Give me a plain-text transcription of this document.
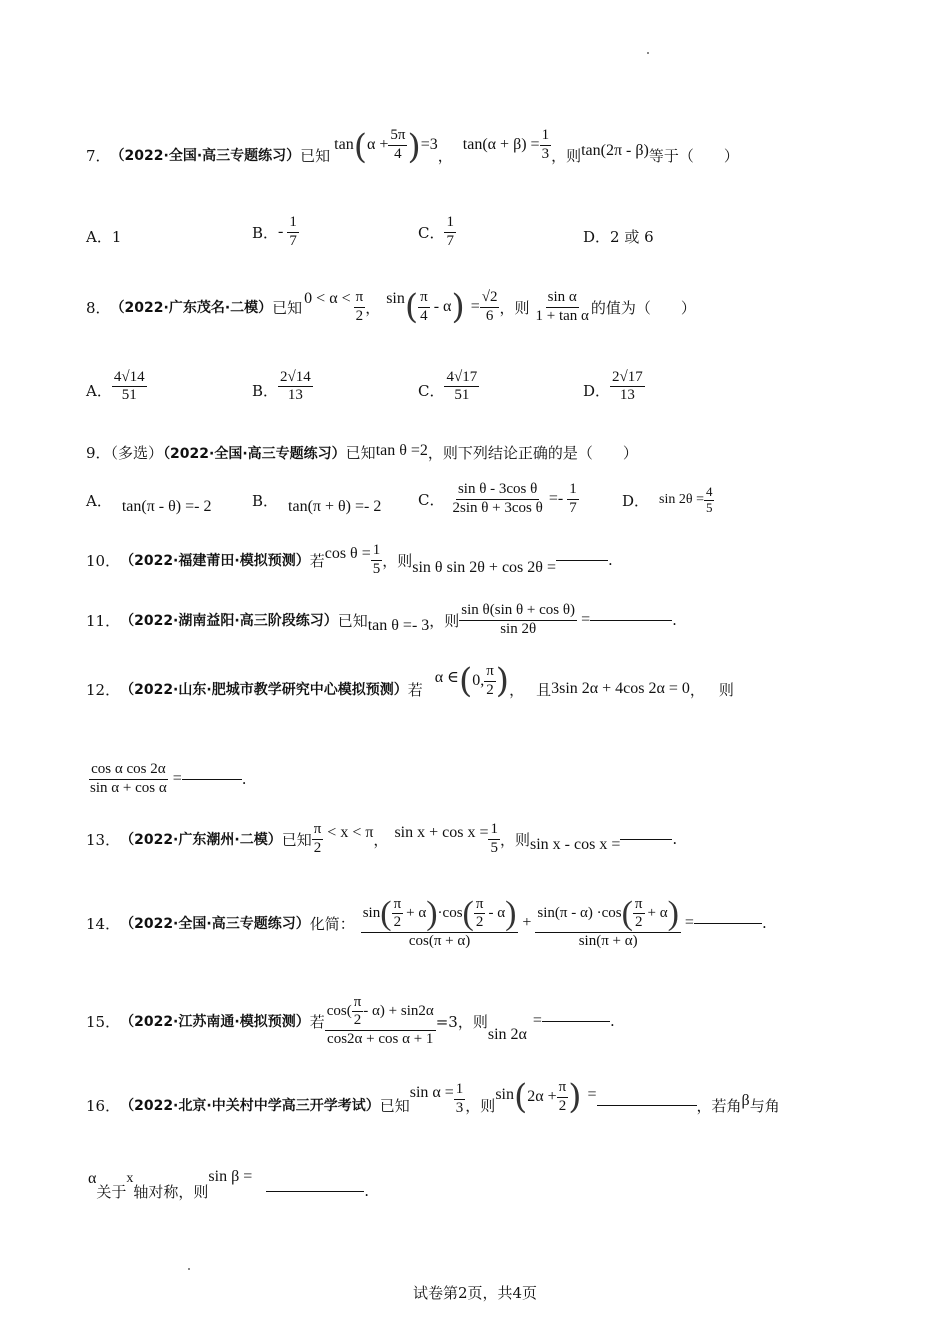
7． （2022·全国·高三专题练习） 已知
tan ( $\alpha + \frac{5\pi}{4}$ ) =3
，
$\tan(\alpha + \beta) = \frac{1}{3}$ ，则 tan(2π - β) 等于（　　）
A．1	B． - $\frac{1}{7}$	C． $\frac{1}{7}$	D．2 或 6
8． （2022·广东茂名·二模） 已知 $0 < \alpha < \frac{\pi}{2}$ ， sin ( $\frac{\pi}{4}$ - α ) = $\frac{√2}{6}$ ，则 $\frac{\text{sin α}}{\text{1 + tan α}}$ 的值为（　　）
A． $\frac{4√14}{51}$	B． $\frac{2√14}{13}$	C． $\frac{4√17}{51}$	D． $\frac{2√17}{13}$
9．（多选）（2022·全国·高三专题练习）已知tan θ =2，则下列结论正确的是（　　）
A． tan(π - θ) =- 2	B． tan(π + θ) =- 2 C． $\frac{\text{sin θ - 3cos θ}}{\text{2sin θ + 3cos θ}} =- \frac{1}{7}$	D． $\sin 2\theta = \frac{4}{5}$
10． （2022·福建莆田·模拟预测） 若 $\cos \theta = \frac{1}{5}$ ，则 sin θ sin 2θ + cos 2θ =	.
11． （2022·湖南益阳·高三阶段练习） 已知 tan θ =- 3 ，则 $\frac{\text{sin θ(sin θ + cos θ)}}{\sin 2\theta}$ =	.
12． （2022·山东·肥城市教学研究中心模拟预测） 若
α ∈ ( 0, $\frac{\pi}{2}$ ) ， 且 3sin 2α + 4cos 2α = 0 ， 则
$\frac{\text{cos α cos 2α}}{\text{sin α + cos α}}$ =	.
13． （2022·广东潮州·二模） 已知 $\frac{\pi}{2} < x < \pi$ ， $\sin x + \cos x = \frac{1}{5}$ ，则 sin x - cos x =	.
14． （2022·全国·高三专题练习） 化简： $\frac{\sin ( \frac{\pi}{2} + \alpha ) \cdot\cos ( \frac{\pi}{2} - \alpha )}{\cos(\pi + \alpha)} + \frac{\sin(\pi - \alpha) \cdot\cos ( \frac{\pi}{2} + \alpha )}{\sin(\pi + \alpha)}$ =	.
15． （2022·江苏南通·模拟预测） 若 $\frac{\cos( \frac{\pi}{2} - \alpha) + \sin 2\alpha}{\text{cos2α + cos α + 1}} =3$，则
sin 2α
=	.
16． （2022·北京·中关村中学高三开学考试） 已知
$\sin \alpha = \frac{1}{3}$ ，则
sin ( $2\alpha + \frac{\pi}{2}$ ) =
，若角 β 与角
α
关于
x
轴对称，则
sin β =
.
试卷第2页，共4页
